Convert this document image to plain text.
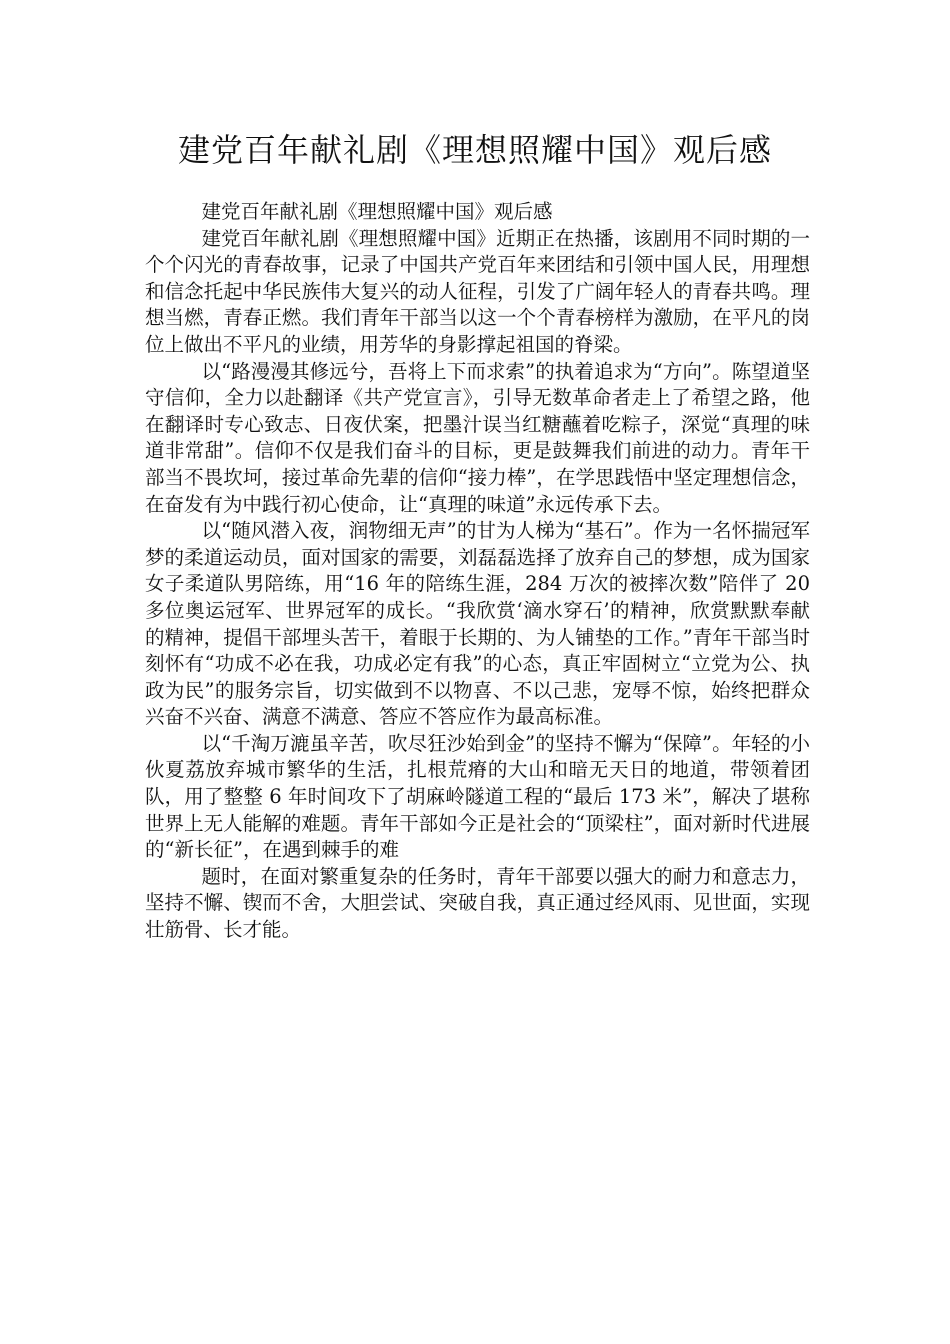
建党百年献礼剧《理想照耀中国》观后感

建党百年献礼剧《理想照耀中国》观后感

建党百年献礼剧《理想照耀中国》近期正在热播，该剧用不同时期的一个个闪光的青春故事，记录了中国共产党百年来团结和引领中国人民，用理想和信念托起中华民族伟大复兴的动人征程，引发了广阔年轻人的青春共鸣。理想当燃，青春正燃。我们青年干部当以这一个个青春榜样为激励，在平凡的岗位上做出不平凡的业绩，用芳华的身影撑起祖国的脊梁。

以“路漫漫其修远兮，吾将上下而求索”的执着追求为“方向”。陈望道坚守信仰，全力以赴翻译《共产党宣言》，引导无数革命者走上了希望之路，他在翻译时专心致志、日夜伏案，把墨汁误当红糖蘸着吃粽子，深觉“真理的味道非常甜”。信仰不仅是我们奋斗的目标，更是鼓舞我们前进的动力。青年干部当不畏坎坷，接过革命先辈的信仰“接力棒”，在学思践悟中坚定理想信念，在奋发有为中践行初心使命，让“真理的味道”永远传承下去。

以“随风潜入夜，润物细无声”的甘为人梯为“基石”。作为一名怀揣冠军梦的柔道运动员，面对国家的需要，刘磊磊选择了放弃自己的梦想，成为国家女子柔道队男陪练，用“16 年的陪练生涯，284 万次的被摔次数”陪伴了 20 多位奥运冠军、世界冠军的成长。“我欣赏‘滴水穿石’的精神，欣赏默默奉献的精神，提倡干部埋头苦干，着眼于长期的、为人铺垫的工作。”青年干部当时刻怀有“功成不必在我，功成必定有我”的心态，真正牢固树立“立党为公、执政为民”的服务宗旨，切实做到不以物喜、不以己悲，宠辱不惊，始终把群众兴奋不兴奋、满意不满意、答应不答应作为最高标准。

以“千淘万漉虽辛苦，吹尽狂沙始到金”的坚持不懈为“保障”。年轻的小伙夏荔放弃城市繁华的生活，扎根荒瘠的大山和暗无天日的地道，带领着团队，用了整整 6 年时间攻下了胡麻岭隧道工程的“最后 173 米”，解决了堪称世界上无人能解的难题。青年干部如今正是社会的“顶梁柱”，面对新时代进展的“新长征”，在遇到棘手的难

题时，在面对繁重复杂的任务时，青年干部要以强大的耐力和意志力，坚持不懈、锲而不舍，大胆尝试、突破自我，真正通过经风雨、见世面，实现壮筋骨、长才能。
